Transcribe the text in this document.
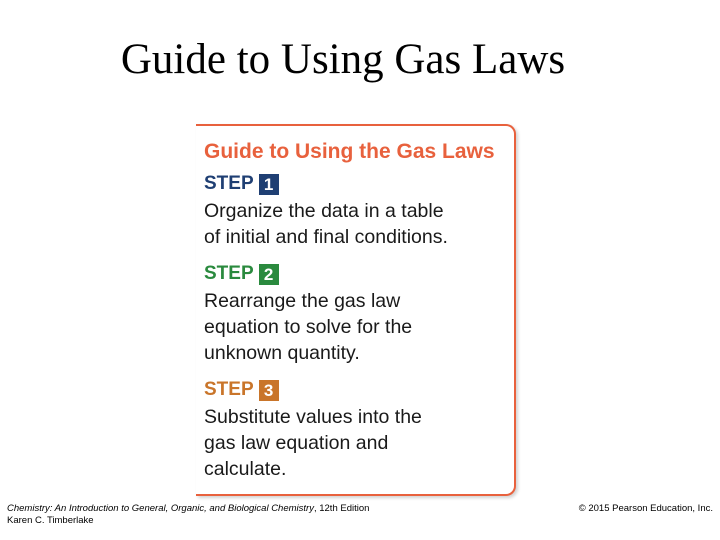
Guide to Using Gas Laws
Guide to Using the Gas Laws
STEP 1
Organize the data in a table
of initial and final conditions.
STEP 2
Rearrange the gas law
equation to solve for the
unknown quantity.
STEP 3
Substitute values into the
gas law equation and
calculate.
Chemistry: An Introduction to General, Organic, and Biological Chemistry, 12th Edition
Karen C. Timberlake
© 2015 Pearson Education, Inc.
